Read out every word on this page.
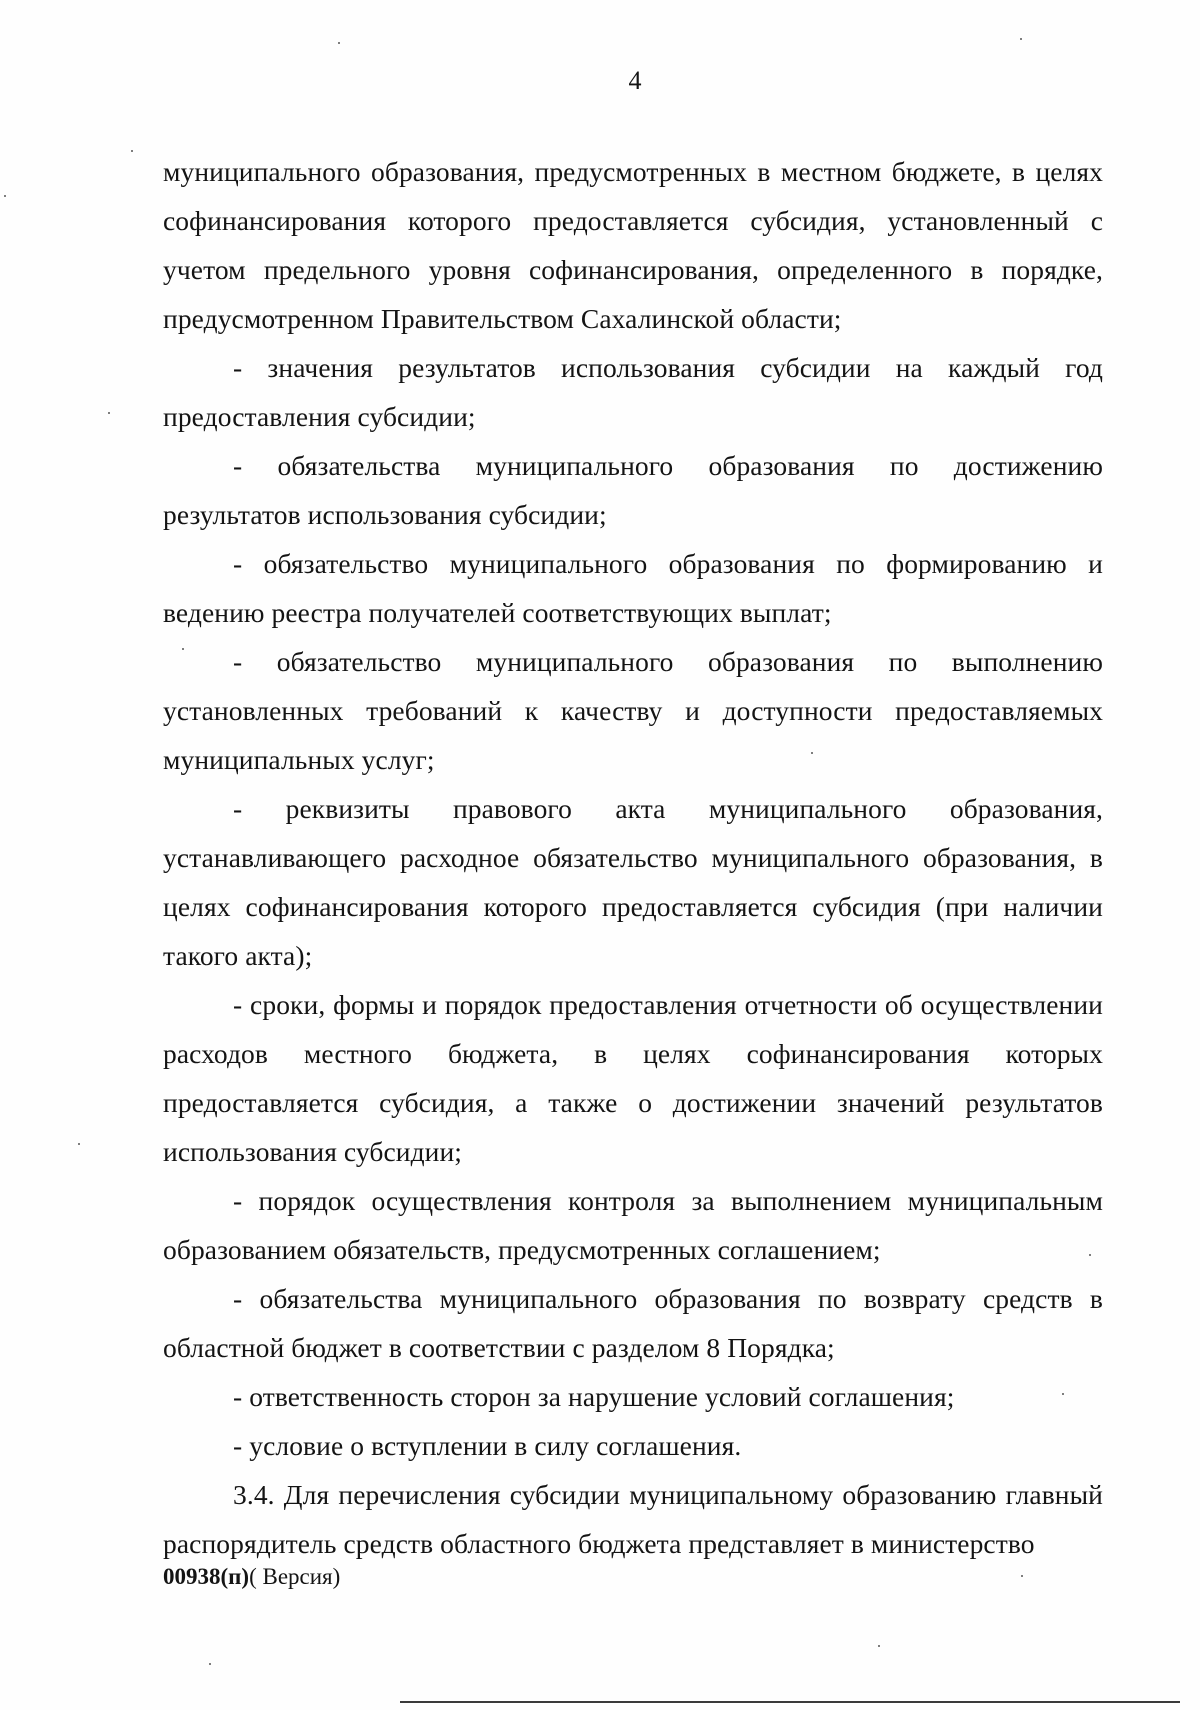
4

муниципального образования, предусмотренных в местном бюджете, в целях софинансирования которого предоставляется субсидия, установленный с учетом предельного уровня софинансирования, определенного в порядке, предусмотренном Правительством Сахалинской области;

- значения результатов использования субсидии на каждый год предоставления субсидии;

- обязательства муниципального образования по достижению результатов использования субсидии;

- обязательство муниципального образования по формированию и ведению реестра получателей соответствующих выплат;

- обязательство муниципального образования по выполнению установленных требований к качеству и доступности предоставляемых муниципальных услуг;

- реквизиты правового акта муниципального образования, устанавливающего расходное обязательство муниципального образования, в целях софинансирования которого предоставляется субсидия (при наличии такого акта);

- сроки, формы и порядок предоставления отчетности об осуществлении расходов местного бюджета, в целях софинансирования которых предоставляется субсидия, а также о достижении значений результатов использования субсидии;

- порядок осуществления контроля за выполнением муниципальным образованием обязательств, предусмотренных соглашением;

- обязательства муниципального образования по возврату средств в областной бюджет в соответствии с разделом 8 Порядка;

- ответственность сторон за нарушение условий соглашения;

- условие о вступлении в силу соглашения.

3.4. Для перечисления субсидии муниципальному образованию главный распорядитель средств областного бюджета представляет в министерство

00938(п)( Версия)
